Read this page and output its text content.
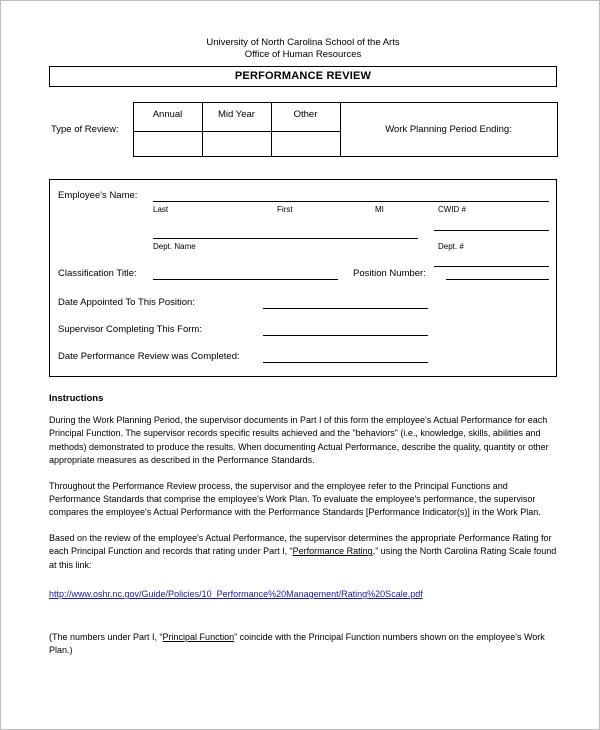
University of North Carolina School of the Arts
Office of Human Resources
PERFORMANCE REVIEW
Type of Review:	Annual	Mid Year	Other	Work Planning Period Ending:

Employee's Name:
Last	First	MI	CWID #
Dept. Name	Dept. #
Classification Title:	Position Number:
Date Appointed To This Position:
Supervisor Completing This Form:
Date Performance Review was Completed:
Instructions

During the Work Planning Period, the supervisor documents in Part I of this form the employee's Actual Performance for each Principal Function. The supervisor records specific results achieved and the "behaviors" (i.e., knowledge, skills, abilities and methods) demonstrated to produce the results. When documenting Actual Performance, describe the quality, quantity or other appropriate measures as described in the Performance Standards.

Throughout the Performance Review process, the supervisor and the employee refer to the Principal Functions and Performance Standards that comprise the employee's Work Plan. To evaluate the employee's performance, the supervisor compares the employee's Actual Performance with the Performance Standards [Performance Indicator(s)] in the Work Plan.

Based on the review of the employee's Actual Performance, the supervisor determines the appropriate Performance Rating for each Principal Function and records that rating under Part I, “Performance Rating,” using the North Carolina Rating Scale found at this link:

http://www.oshr.nc.gov/Guide/Policies/10_Performance%20Management/Rating%20Scale.pdf

(The numbers under Part I, “Principal Function” coincide with the Principal Function numbers shown on the employee's Work Plan.)
